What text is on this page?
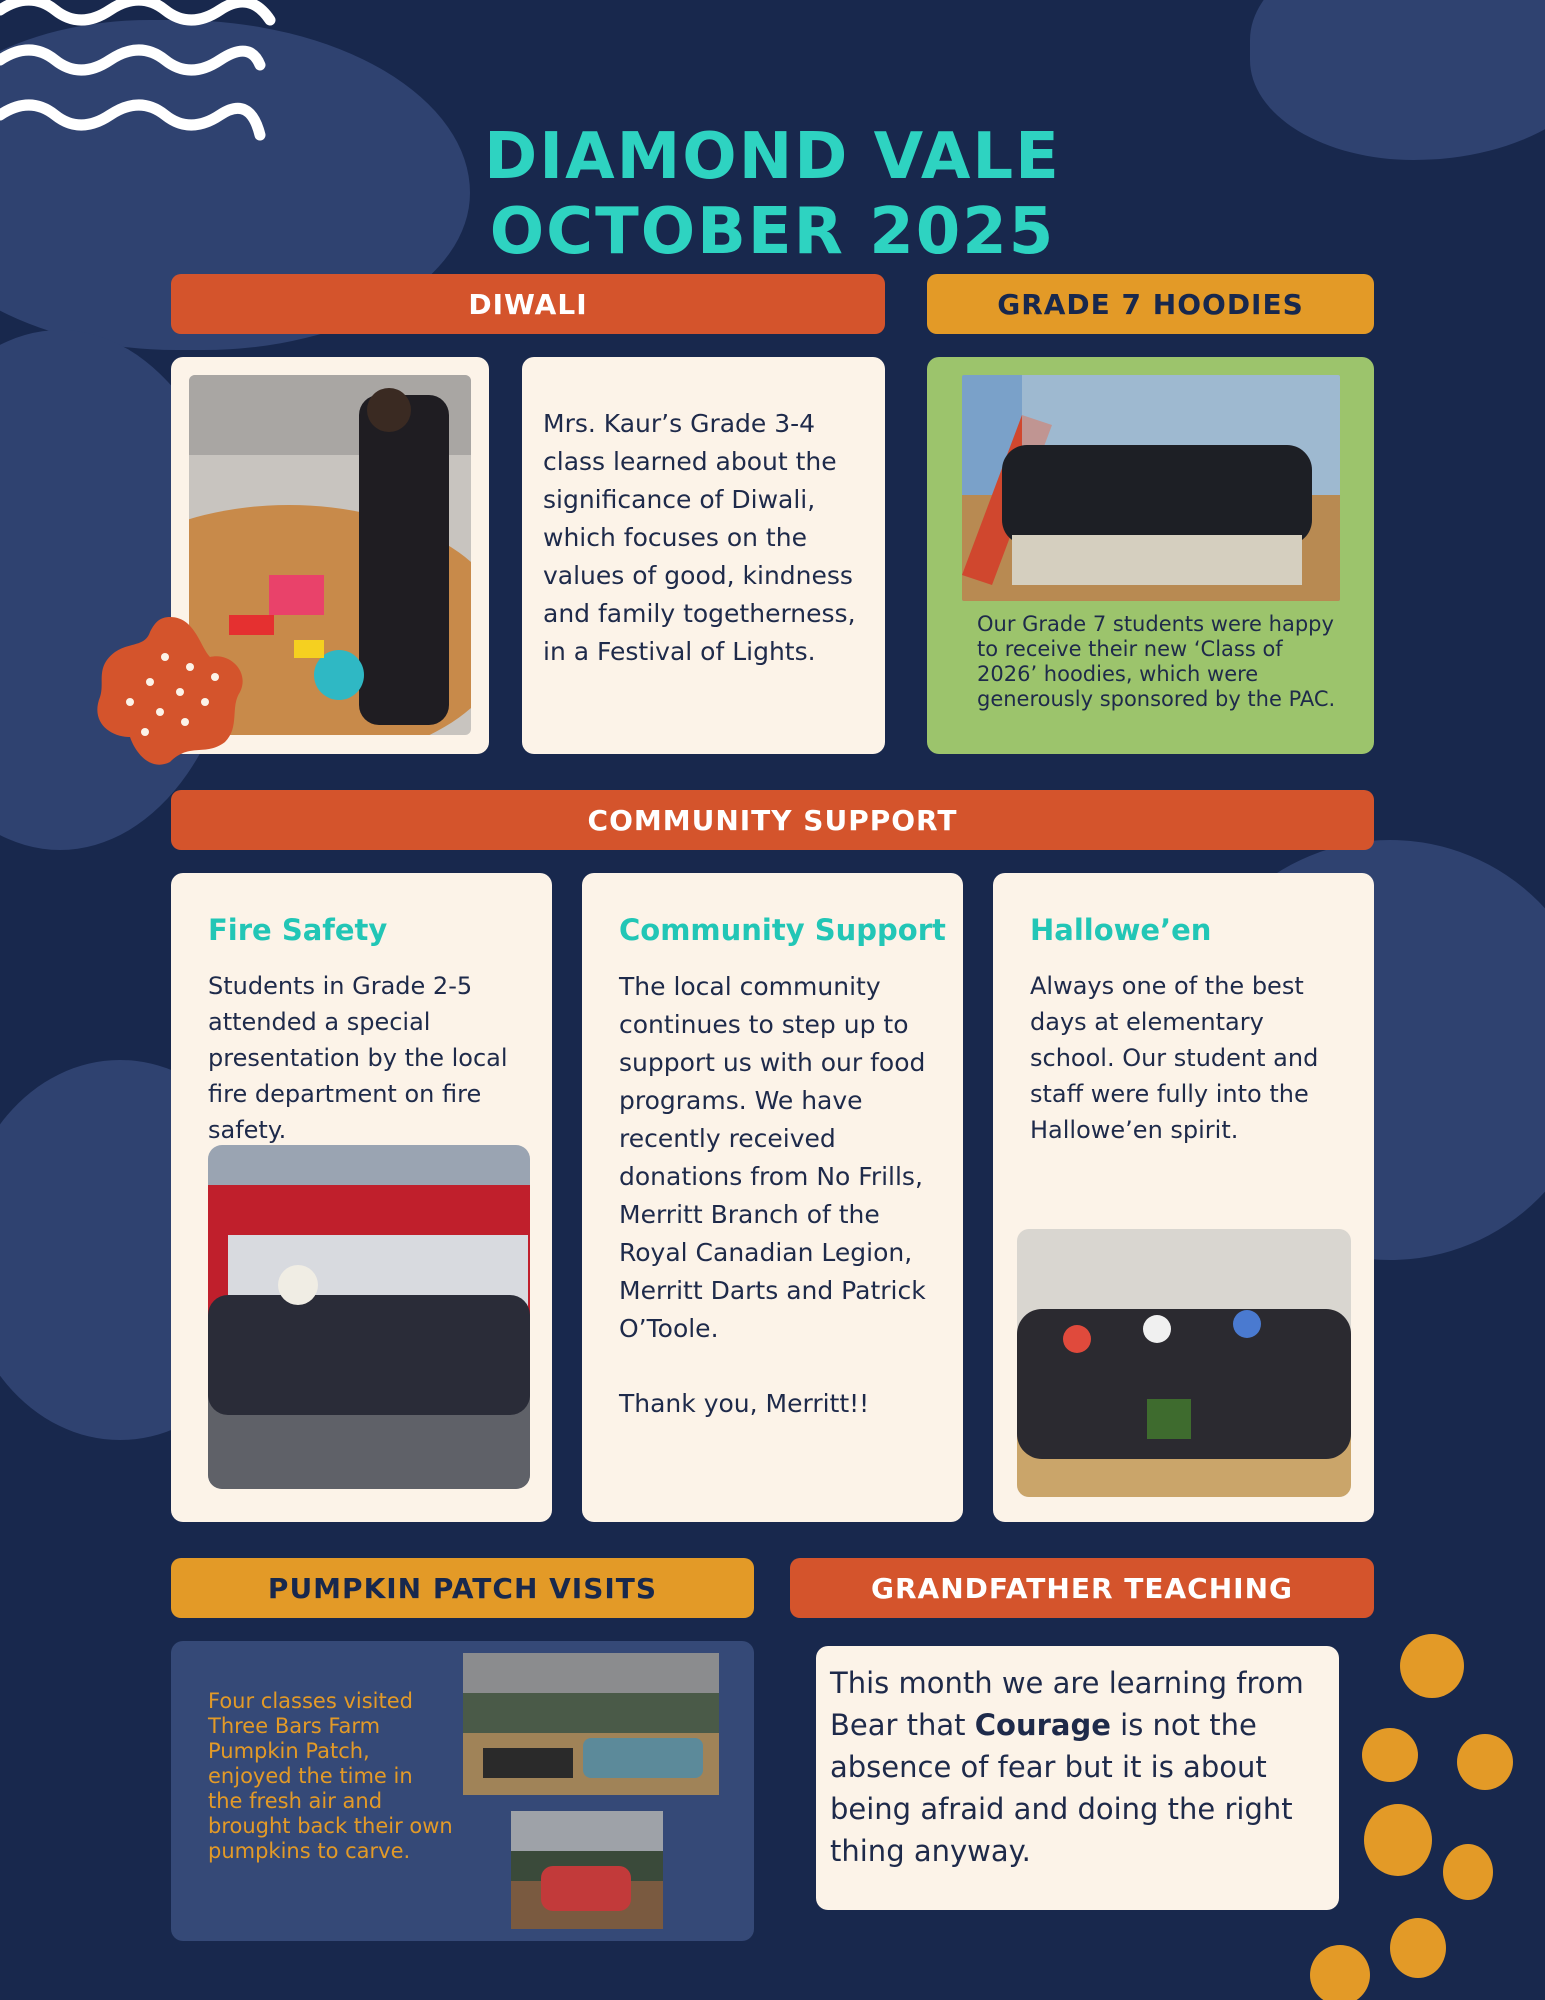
DIAMOND VALE
OCTOBER 2025
DIWALI
Mrs. Kaur’s Grade 3-4 class learned about the significance of Diwali, which focuses on the values of good, kindness and family togetherness, in a Festival of Lights.
GRADE 7 HOODIES
Our Grade 7 students were happy to receive their new ‘Class of 2026’ hoodies, which were generously sponsored by the PAC.
COMMUNITY SUPPORT
Fire Safety
Students in Grade 2-5 attended a special presentation by the local fire department on fire safety.
Community Support
The local community continues to step up to support us with our food programs. We have recently received donations from No Frills, Merritt Branch of the Royal Canadian Legion, Merritt Darts and Patrick O’Toole.
Thank you, Merritt!!
Hallowe’en
Always one of the best days at elementary school. Our student and staff were fully into the Hallowe’en spirit.
PUMPKIN PATCH VISITS
Four classes visited Three Bars Farm Pumpkin Patch, enjoyed the time in the fresh air and brought back their own pumpkins to carve.
GRANDFATHER TEACHING
This month we are learning from Bear that Courage is not the absence of fear but it is about being afraid and doing the right thing anyway.
